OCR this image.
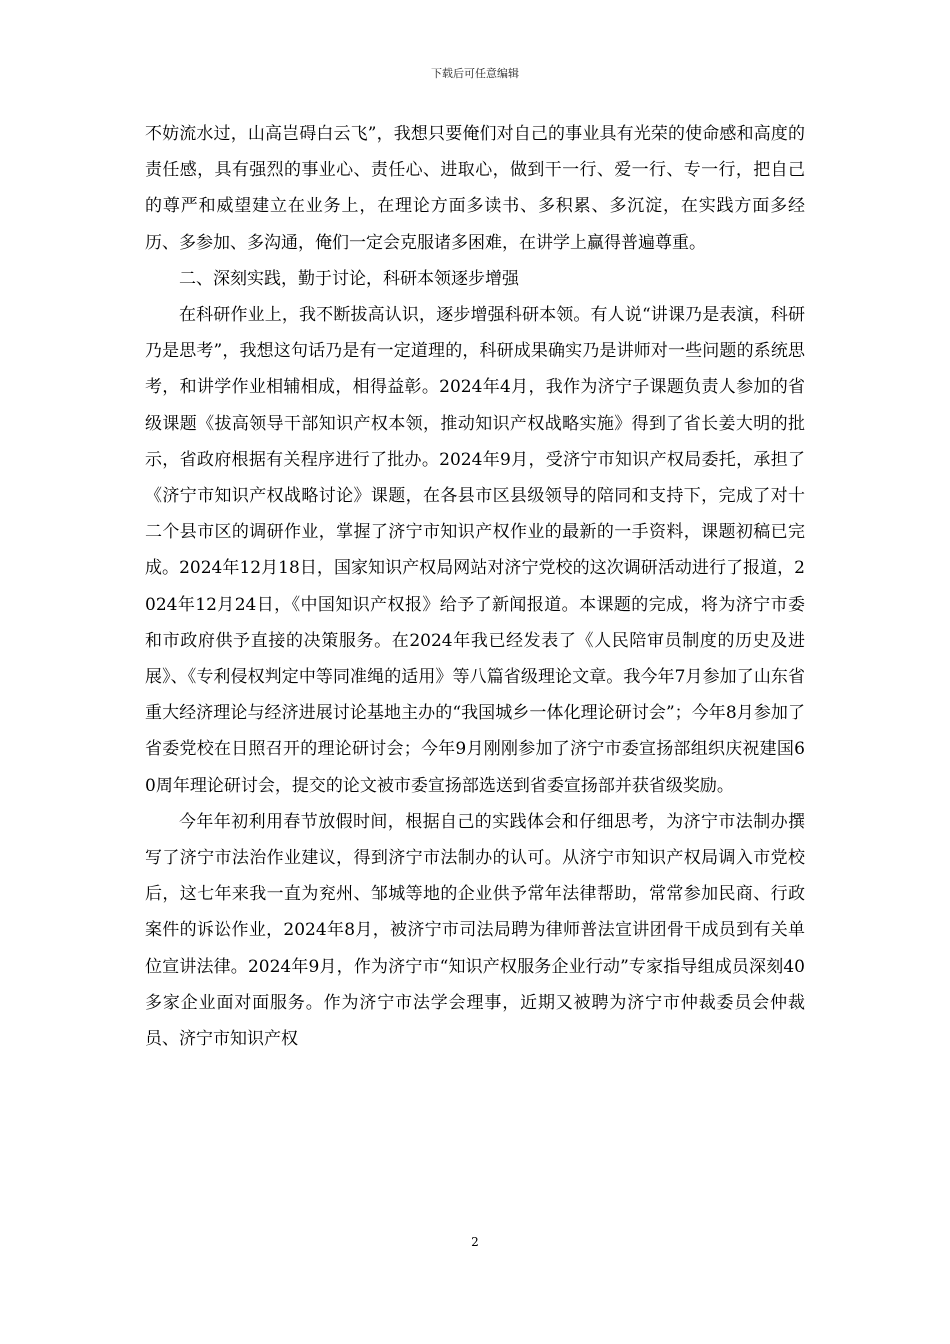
下载后可任意编辑

不妨流水过，山高岂碍白云飞”，我想只要俺们对自己的事业具有光荣的使命感和高度的责任感，具有强烈的事业心、责任心、进取心，做到干一行、爱一行、专一行，把自己的尊严和威望建立在业务上，在理论方面多读书、多积累、多沉淀，在实践方面多经历、多参加、多沟通，俺们一定会克服诸多困难，在讲学上赢得普遍尊重。

二、深刻实践，勤于讨论，科研本领逐步增强

在科研作业上，我不断拔高认识，逐步增强科研本领。有人说“讲课乃是表演，科研乃是思考”，我想这句话乃是有一定道理的，科研成果确实乃是讲师对一些问题的系统思考，和讲学作业相辅相成，相得益彰。2024年4月，我作为济宁子课题负责人参加的省级课题《拔高领导干部知识产权本领，推动知识产权战略实施》得到了省长姜大明的批示，省政府根据有关程序进行了批办。2024年9月，受济宁市知识产权局委托，承担了《济宁市知识产权战略讨论》课题，在各县市区县级领导的陪同和支持下，完成了对十二个县市区的调研作业，掌握了济宁市知识产权作业的最新的一手资料，课题初稿已完成。2024年12月18日，国家知识产权局网站对济宁党校的这次调研活动进行了报道，2024年12月24日，《中国知识产权报》给予了新闻报道。本课题的完成，将为济宁市委和市政府供予直接的决策服务。在2024年我已经发表了《人民陪审员制度的历史及进展》、《专利侵权判定中等同准绳的适用》等八篇省级理论文章。我今年7月参加了山东省重大经济理论与经济进展讨论基地主办的“我国城乡一体化理论研讨会”；今年8月参加了省委党校在日照召开的理论研讨会；今年9月刚刚参加了济宁市委宣扬部组织庆祝建国60周年理论研讨会，提交的论文被市委宣扬部选送到省委宣扬部并获省级奖励。

今年年初利用春节放假时间，根据自己的实践体会和仔细思考，为济宁市法制办撰写了济宁市法治作业建议，得到济宁市法制办的认可。从济宁市知识产权局调入市党校后，这七年来我一直为兖州、邹城等地的企业供予常年法律帮助，常常参加民商、行政案件的诉讼作业，2024年8月，被济宁市司法局聘为律师普法宣讲团骨干成员到有关单位宣讲法律。2024年9月，作为济宁市“知识产权服务企业行动”专家指导组成员深刻40多家企业面对面服务。作为济宁市法学会理事，近期又被聘为济宁市仲裁委员会仲裁员、济宁市知识产权

2
